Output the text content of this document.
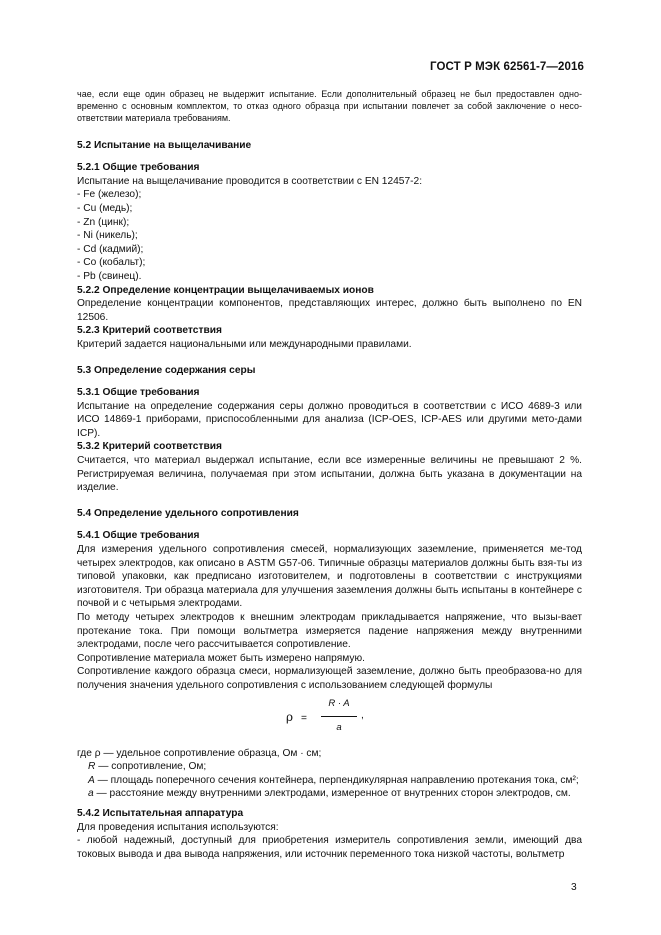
ГОСТ Р МЭК 62561-7—2016

чае, если еще один образец не выдержит испытание. Если дополнительный образец не был предоставлен одно-временно с основным комплектом, то отказ одного образца при испытании повлечет за собой заключение о несо-ответствии материала требованиям.

5.2 Испытание на выщелачивание
5.2.1 Общие требования

Испытание на выщелачивание проводится в соответствии с EN 12457-2:

- Fe (железо);
- Cu (медь);
- Zn (цинк);
- Ni (никель);
- Cd (кадмий);
- Co (кобальт);
- Pb (свинец).
5.2.2 Определение концентрации выщелачиваемых ионов

Определение концентрации компонентов, представляющих интерес, должно быть выполнено по EN 12506.

5.2.3 Критерий соответствия

Критерий задается национальными или международными правилами.

5.3 Определение содержания серы
5.3.1 Общие требования

Испытание на определение содержания серы должно проводиться в соответствии с ИСО 4689-3 или ИСО 14869-1 приборами, приспособленными для анализа (ICP-OES, ICP-AES или другими мето-дами ICP).

5.3.2 Критерий соответствия

Считается, что материал выдержал испытание, если все измеренные величины не превышают 2 %. Регистрируемая величина, получаемая при этом испытании, должна быть указана в документации на изделие.

5.4 Определение удельного сопротивления
5.4.1 Общие требования

Для измерения удельного сопротивления смесей, нормализующих заземление, применяется ме-тод четырех электродов, как описано в ASTM G57-06. Типичные образцы материалов должны быть взя-ты из типовой упаковки, как предписано изготовителем, и подготовлены в соответствии с инструкциями изготовителя. Три образца материала для улучшения заземления должны быть испытаны в контейнере с почвой и с четырьмя электродами.

По методу четырех электродов к внешним электродам прикладывается напряжение, что вызы-вает протекание тока. При помощи вольтметра измеряется падение напряжения между внутренними электродами, после чего рассчитывается сопротивление.

Сопротивление материала может быть измерено напрямую.

Сопротивление каждого образца смеси, нормализующей заземление, должно быть преобразова-но для получения значения удельного сопротивления с использованием следующей формулы

ρ =
R · A
a
,
где ρ — удельное сопротивление образца, Ом · см;
R — сопротивление, Ом;
A — площадь поперечного сечения контейнера, перпендикулярная направлению протекания тока, см²;
a — расстояние между внутренними электродами, измеренное от внутренних сторон электродов, см.
5.4.2 Испытательная аппаратура

Для проведения испытания используются:

- любой надежный, доступный для приобретения измеритель сопротивления земли, имеющий два токовых вывода и два вывода напряжения, или источник переменного тока низкой частоты, вольтметр

3
